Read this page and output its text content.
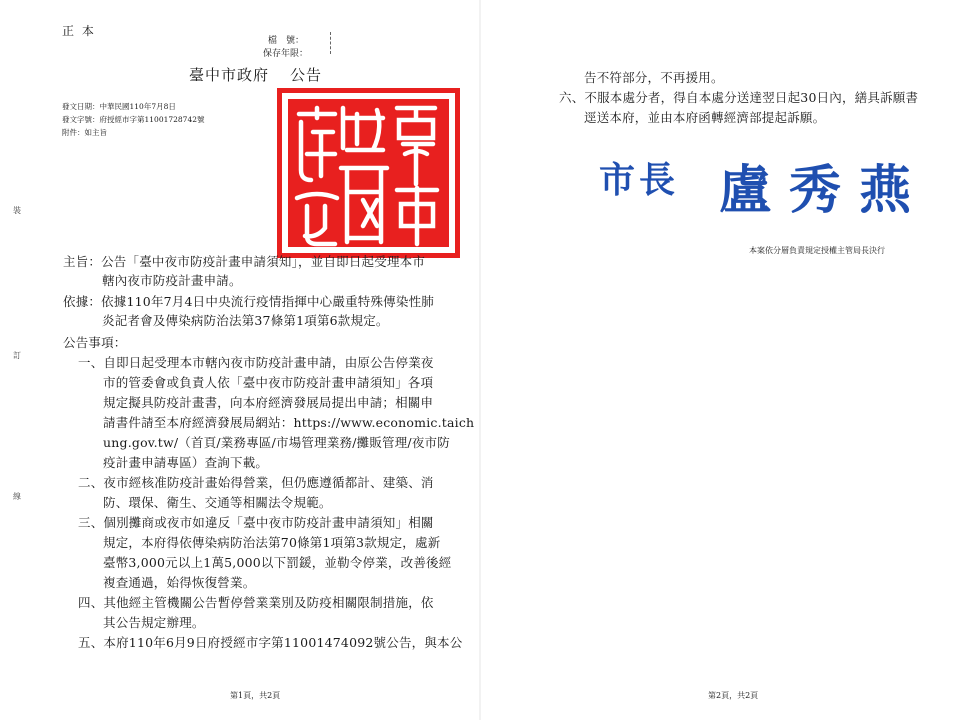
正 本
檔　號：
保存年限：
臺中市政府 公告
發文日期：中華民國110年7月8日
發文字號：府授經市字第11001728742號
附件：如主旨
裝
訂
線
主旨：公告「臺中夜市防疫計畫申請須知」，並自即日起受理本市
轄內夜市防疫計畫申請。
依據：依據110年7月4日中央流行疫情指揮中心嚴重特殊傳染性肺
炎記者會及傳染病防治法第37條第1項第6款規定。
公告事項：
一、自即日起受理本市轄內夜市防疫計畫申請，由原公告停業夜
市的管委會或負責人依「臺中夜市防疫計畫申請須知」各項
規定擬具防疫計畫書，向本府經濟發展局提出申請；相關申
請書件請至本府經濟發展局網站：https://www.economic.taich
ung.gov.tw/（首頁/業務專區/市場管理業務/攤販管理/夜市防
疫計畫申請專區）查詢下載。
二、夜市經核准防疫計畫始得營業，但仍應遵循都計、建築、消
防、環保、衛生、交通等相關法令規範。
三、個別攤商或夜市如違反「臺中夜市防疫計畫申請須知」相關
規定，本府得依傳染病防治法第70條第1項第3款規定，處新
臺幣3,000元以上1萬5,000以下罰鍰，並勒令停業，改善後經
複查通過，始得恢復營業。
四、其他經主管機關公告暫停營業業別及防疫相關限制措施，依
其公告規定辦理。
五、本府110年6月9日府授經市字第11001474092號公告，與本公
第1頁，共2頁
告不符部分，不再援用。
六、不服本處分者，得自本處分送達翌日起30日內，繕具訴願書
逕送本府，並由本府函轉經濟部提起訴願。
市長 盧秀燕
本案依分層負責規定授權主管局長決行
第2頁，共2頁
